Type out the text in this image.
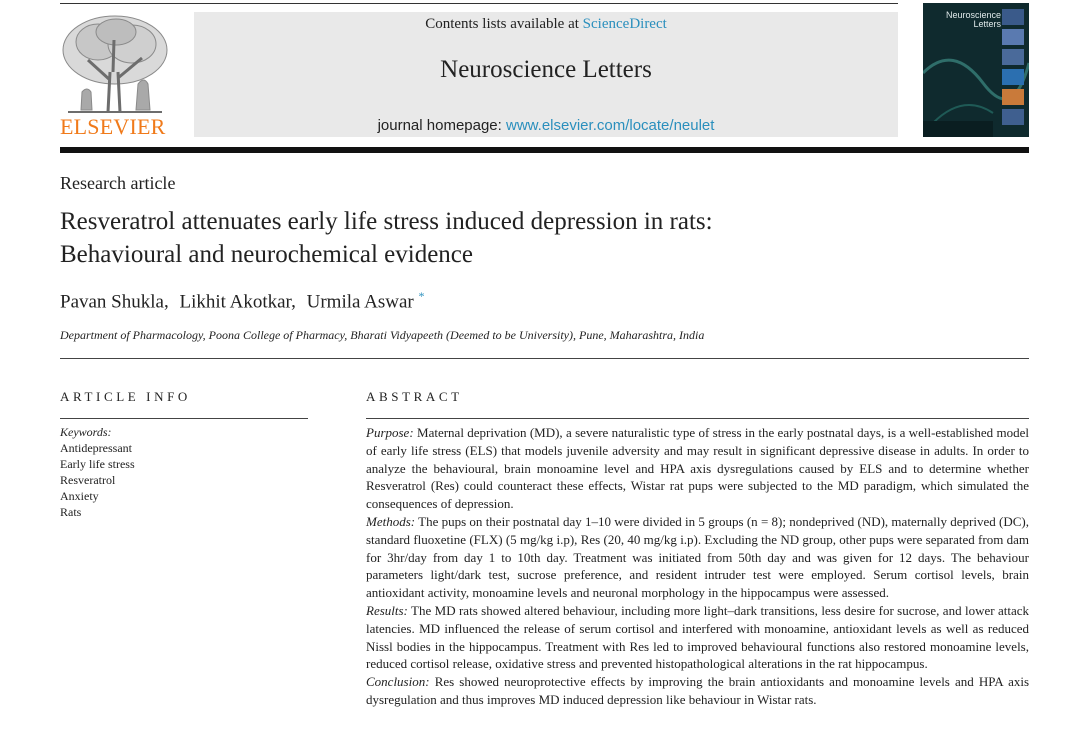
ELSEVIER
Contents lists available at ScienceDirect
Neuroscience Letters
journal homepage: www.elsevier.com/locate/neulet
Neuroscience
Letters
Research article
Resveratrol attenuates early life stress induced depression in rats:
Behavioural and neurochemical evidence
Pavan Shukla, Likhit Akotkar, Urmila Aswar *
Department of Pharmacology, Poona College of Pharmacy, Bharati Vidyapeeth (Deemed to be University), Pune, Maharashtra, India
ARTICLE INFO
Keywords:
Antidepressant
Early life stress
Resveratrol
Anxiety
Rats
ABSTRACT

Purpose: Maternal deprivation (MD), a severe naturalistic type of stress in the early postnatal days, is a well-established model of early life stress (ELS) that models juvenile adversity and may result in significant depressive disease in adults. In order to analyze the behavioural, brain monoamine level and HPA axis dysregulations caused by ELS and to determine whether Resveratrol (Res) could counteract these effects, Wistar rat pups were subjected to the MD paradigm, which simulated the consequences of depression.

Methods: The pups on their postnatal day 1–10 were divided in 5 groups (n = 8); nondeprived (ND), maternally deprived (DC), standard fluoxetine (FLX) (5 mg/kg i.p), Res (20, 40 mg/kg i.p). Excluding the ND group, other pups were separated from dam for 3hr/day from day 1 to 10th day. Treatment was initiated from 50th day and was given for 12 days. The behaviour parameters light/dark test, sucrose preference, and resident intruder test were employed. Serum cortisol levels, brain antioxidant activity, monoamine levels and neuronal morphology in the hippocampus were assessed.

Results: The MD rats showed altered behaviour, including more light–dark transitions, less desire for sucrose, and lower attack latencies. MD influenced the release of serum cortisol and interfered with monoamine, antioxidant levels as well as reduced Nissl bodies in the hippocampus. Treatment with Res led to improved behavioural functions also restored monoamine levels, reduced cortisol release, oxidative stress and prevented histopathological alterations in the rat hippocampus.

Conclusion: Res showed neuroprotective effects by improving the brain antioxidants and monoamine levels and HPA axis dysregulation and thus improves MD induced depression like behaviour in Wistar rats.
